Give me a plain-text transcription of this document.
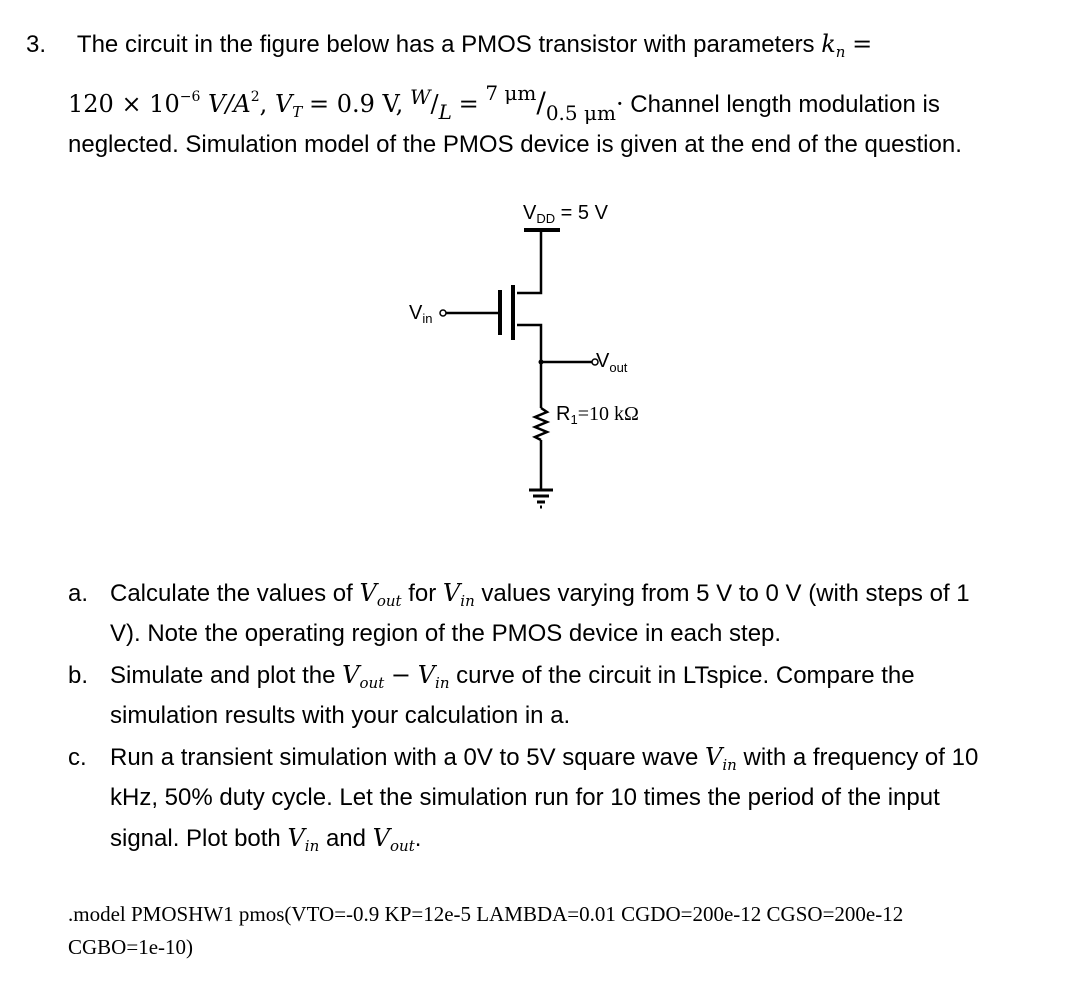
3. The circuit in the figure below has a PMOS transistor with parameters $k_n$ =
$120 \times 10^{-6}$ $V/A^2$, $V_T = 0.9$ V, $^W/_L = ^{7 \mu m}/_{0.5 \mu m}\cdot$ Channel length modulation is
neglected. Simulation model of the PMOS device is given at the end of the question.
$V_{DD} = 5$ V
$V_{in}$
$V_{out}$
$R_1=10$ kΩ
a. Calculate the values of $V_{out}$ for $V_{in}$ values varying from 5 V to 0 V (with steps of 1
V). Note the operating region of the PMOS device in each step.
b. Simulate and plot the $V_{out} - V_{in}$ curve of the circuit in LTspice. Compare the
simulation results with your calculation in a.
c. Run a transient simulation with a 0V to 5V square wave $V_{in}$ with a frequency of 10
kHz, 50% duty cycle. Let the simulation run for 10 times the period of the input
signal. Plot both $V_{in}$ and $V_{out}$.
.model PMOSHW1 pmos(VTO=-0.9 KP=12e-5 LAMBDA=0.01 CGDO=200e-12 CGSO=200e-12
CGBO=1e-10)
